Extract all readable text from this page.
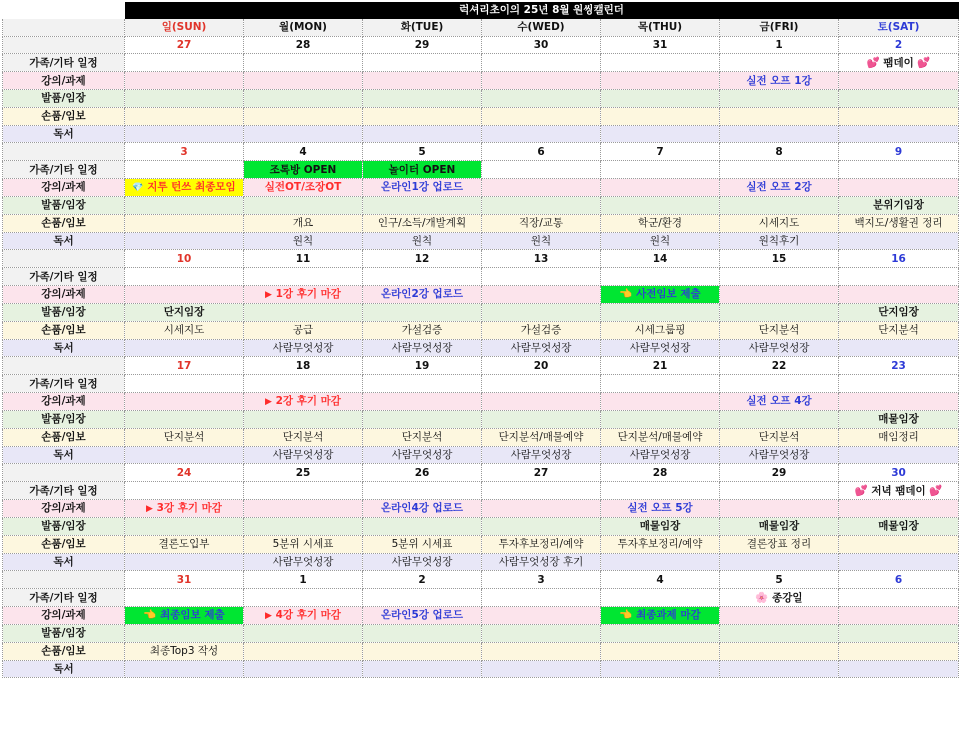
	럭셔리초이의 25년 8월 원씽캘린더						
	일(SUN)	월(MON)	화(TUE)	수(WED)	목(THU)	금(FRI)	토(SAT)
	27	28	29	30	31	1	2
가족/기타 일정							💕 팸데이 💕
강의/과제						실전 오프 1강	
발품/임장							
손품/임보							
독서							
	3	4	5	6	7	8	9
가족/기타 일정		조톡방 OPEN	놀이터 OPEN				
강의/과제	💎 지투 턴쓰 최종모임	실전OT/조장OT	온라인1강 업로드			실전 오프 2강	
발품/임장							분위기임장
손품/임보		개요	인구/소득/개발계획	직장/교통	학군/환경	시세지도	백지도/생활권 정리
독서		원칙	원칙	원칙	원칙	원칙후기	
	10	11	12	13	14	15	16
가족/기타 일정							
강의/과제		▶ 1강 후기 마감	온라인2강 업로드		👈 사전임보 제출		
발품/임장	단지임장						단지임장
손품/임보	시세지도	공급	가설검증	가설검증	시세그룹핑	단지분석	단지분석
독서		사람무엇성장	사람무엇성장	사람무엇성장	사람무엇성장	사람무엇성장	
	17	18	19	20	21	22	23
가족/기타 일정							
강의/과제		▶ 2강 후기 마감				실전 오프 4강	
발품/임장							매물임장
손품/임보	단지분석	단지분석	단지분석	단지분석/매물예약	단지분석/매물예약	단지분석	매임정리
독서		사람무엇성장	사람무엇성장	사람무엇성장	사람무엇성장	사람무엇성장	
	24	25	26	27	28	29	30
가족/기타 일정							💕 저녁 팸데이 💕
강의/과제	▶ 3강 후기 마감		온라인4강 업로드		실전 오프 5강		
발품/임장					매물임장	매물임장	매물임장
손품/임보	결론도입부	5분위 시세표	5분위 시세표	투자후보정리/예약	투자후보정리/예약	결론장표 정리	
독서		사람무엇성장	사람무엇성장	사람무엇성장 후기			
	31	1	2	3	4	5	6
가족/기타 일정						🌸 종강일	
강의/과제	👈 최종임보 제출	▶ 4강 후기 마감	온라인5강 업로드		👈 최종과제 마감		
발품/임장							
손품/임보	최종Top3 작성						
독서							
